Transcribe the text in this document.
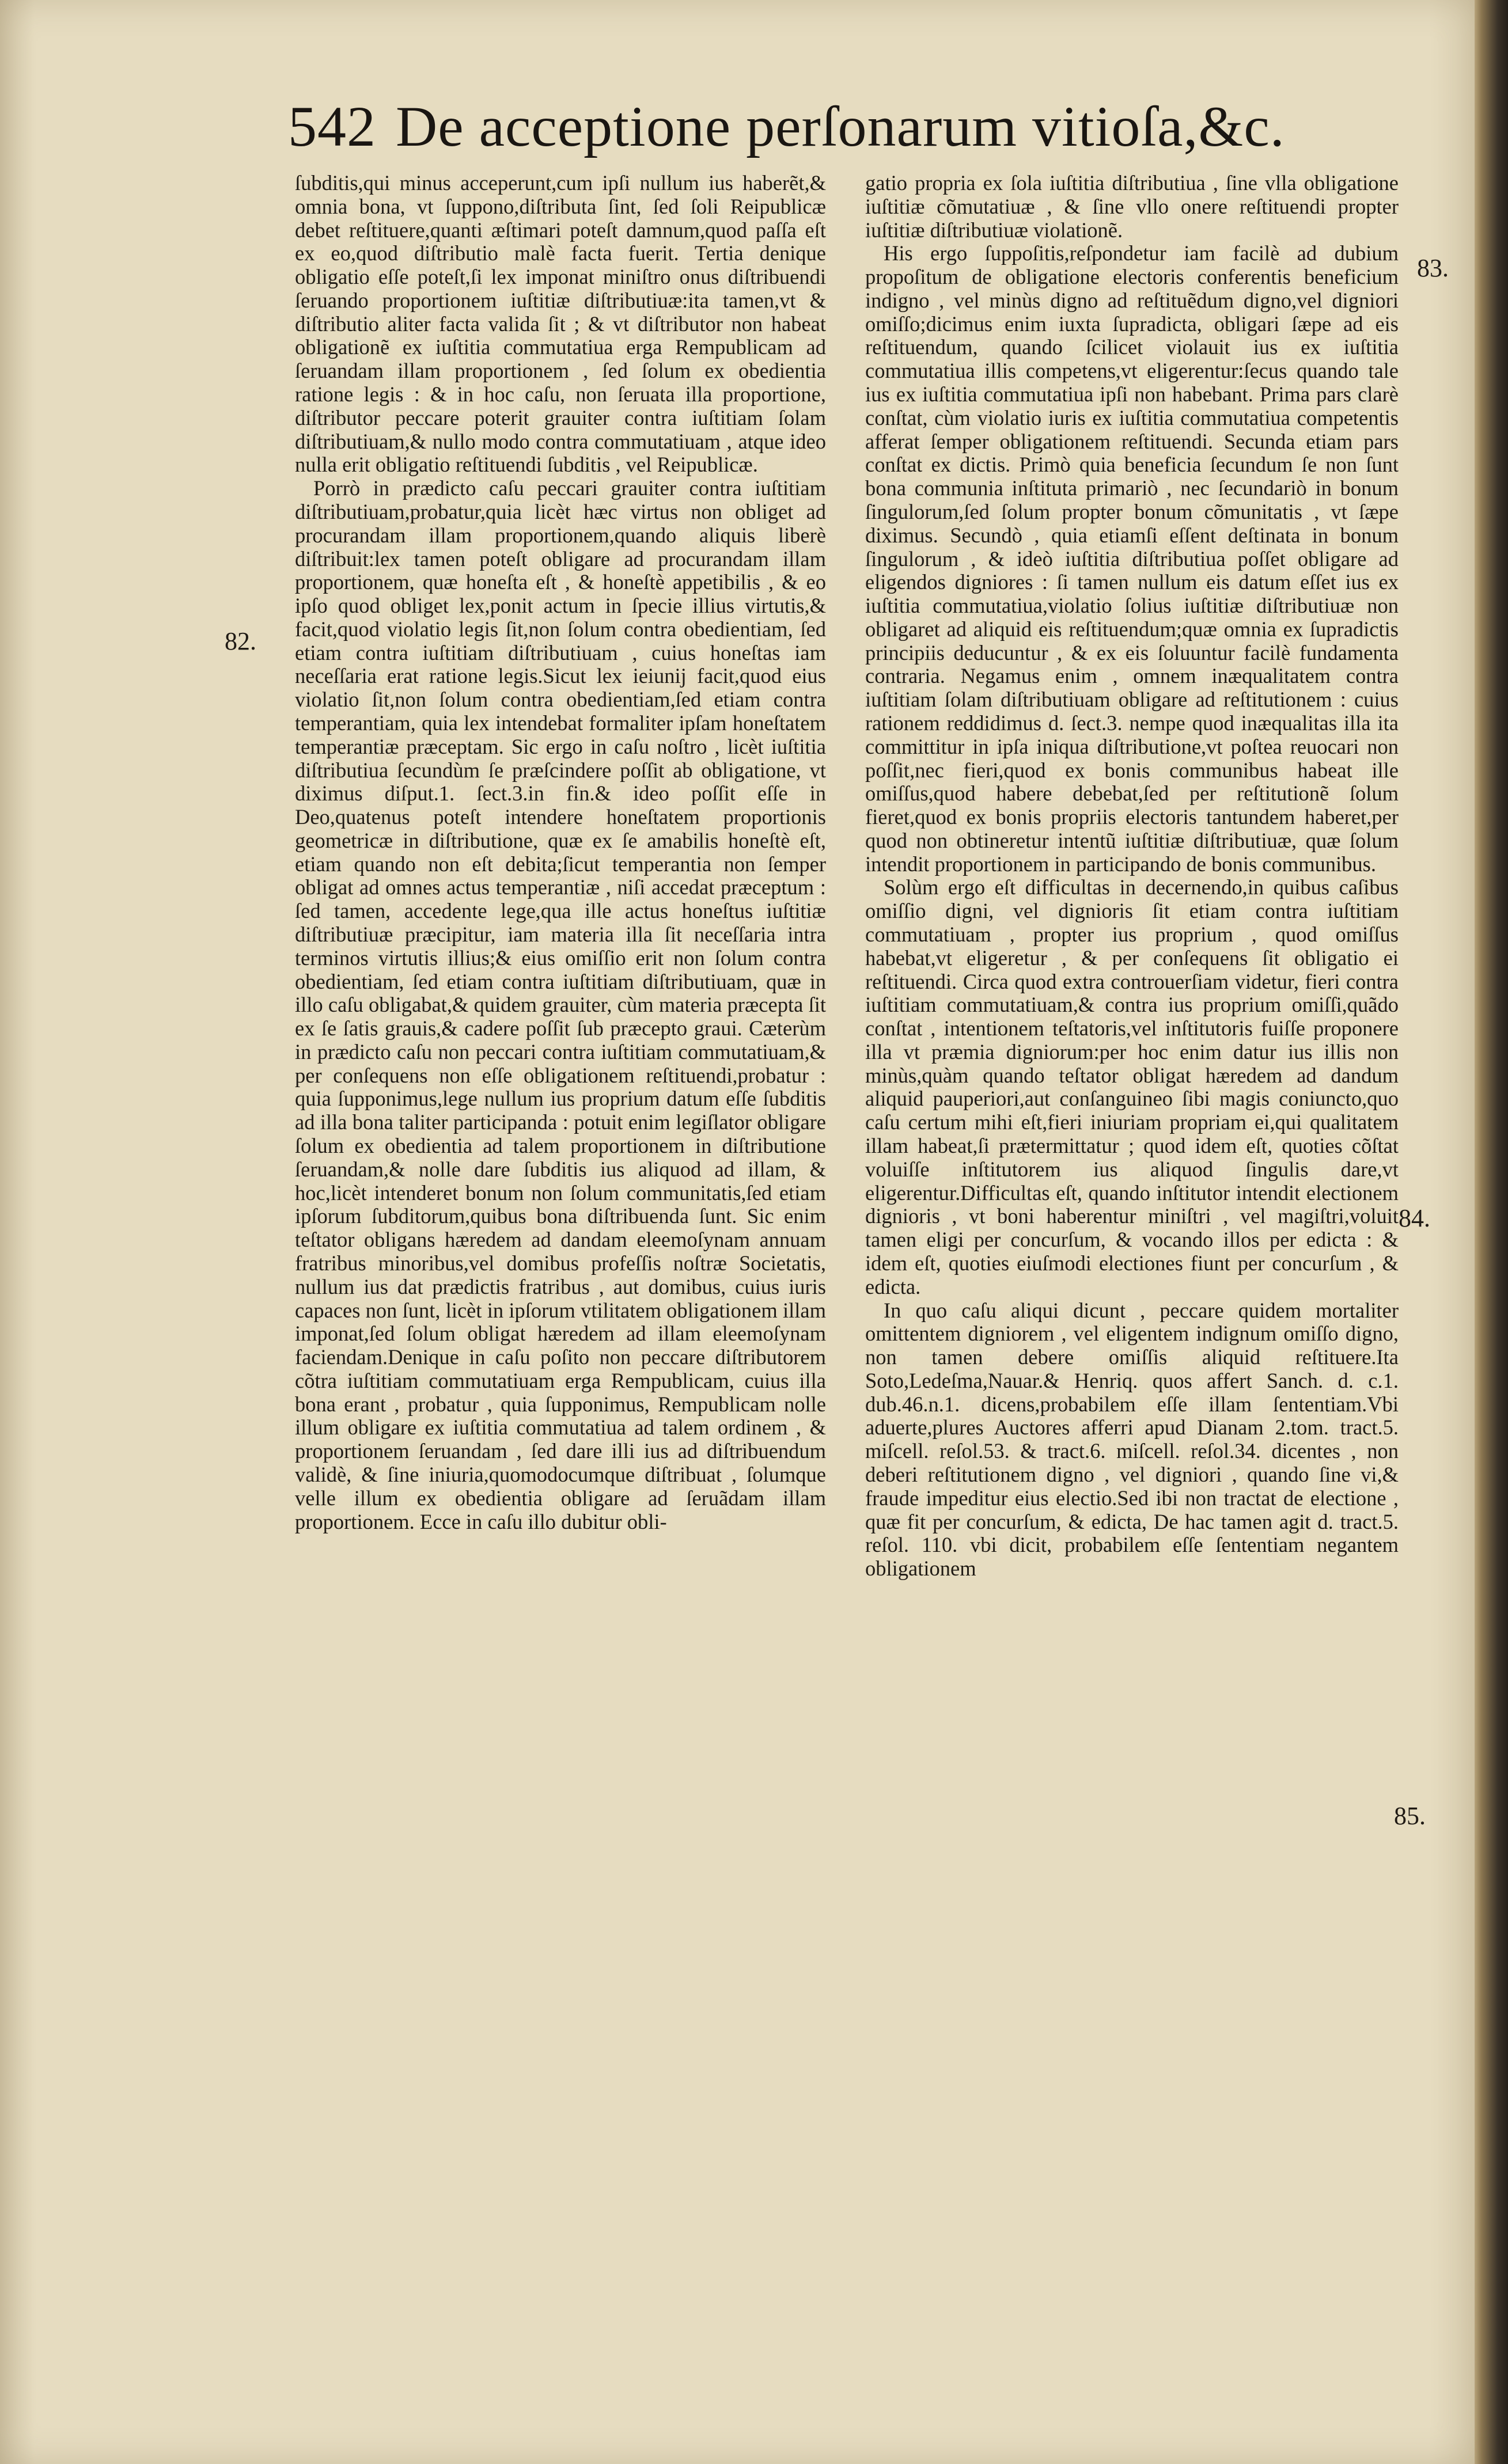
542 De acceptione perſonarum vitioſa,&c.

ſubditis,qui minus acceperunt,cum ipſi nullum ius haberẽt,& omnia bona, vt ſuppono,diſtributa ſint, ſed ſoli Reipublicæ debet reſtituere,quanti æſtimari poteſt damnum,quod paſſa eſt ex eo,quod diſtributio malè facta fuerit. Tertia denique obligatio eſſe poteſt,ſi lex imponat miniſtro onus diſtribuendi ſeruando proportionem iuſtitiæ diſtributiuæ:ita tamen,vt & diſtributio aliter facta valida ſit ; & vt diſtributor non habeat obligationẽ ex iuſtitia commutatiua erga Rempublicam ad ſeruandam illam proportionem , ſed ſolum ex obedientia ratione legis : & in hoc caſu, non ſeruata illa proportione, diſtributor peccare poterit grauiter contra iuſtitiam ſolam diſtributiuam,& nullo modo contra commutatiuam , atque ideo nulla erit obligatio reſtituendi ſubditis , vel Reipublicæ.

Porrò in prædicto caſu peccari grauiter contra iuſtitiam diſtributiuam,probatur,quia licèt hæc virtus non obliget ad procurandam illam proportionem,quando aliquis liberè diſtribuit:lex tamen poteſt obligare ad procurandam illam proportionem, quæ honeſta eſt , & honeſtè appetibilis , & eo ipſo quod obliget lex,ponit actum in ſpecie illius virtutis,& facit,quod violatio legis ſit,non ſolum contra obedientiam, ſed etiam contra iuſtitiam diſtributiuam , cuius honeſtas iam neceſſaria erat ratione legis.Sicut lex ieiunij facit,quod eius violatio ſit,non ſolum contra obedientiam,ſed etiam contra temperantiam, quia lex intendebat formaliter ipſam honeſtatem temperantiæ præceptam. Sic ergo in caſu noſtro , licèt iuſtitia diſtributiua ſecundùm ſe præſcindere poſſit ab obligatione, vt diximus diſput.1. ſect.3.in fin.& ideo poſſit eſſe in Deo,quatenus poteſt intendere honeſtatem proportionis geometricæ in diſtributione, quæ ex ſe amabilis honeſtè eſt, etiam quando non eſt debita;ſicut temperantia non ſemper obligat ad omnes actus temperantiæ , niſi accedat præceptum : ſed tamen, accedente lege,qua ille actus honeſtus iuſtitiæ diſtributiuæ præcipitur, iam materia illa ſit neceſſaria intra terminos virtutis illius;& eius omiſſio erit non ſolum contra obedientiam, ſed etiam contra iuſtitiam diſtributiuam, quæ in illo caſu obligabat,& quidem grauiter, cùm materia præcepta ſit ex ſe ſatis grauis,& cadere poſſit ſub præcepto graui. Cæterùm in prædicto caſu non peccari contra iuſtitiam commutatiuam,& per conſequens non eſſe obligationem reſtituendi,probatur : quia ſupponimus,lege nullum ius proprium datum eſſe ſubditis ad illa bona taliter participanda : potuit enim legiſlator obligare ſolum ex obedientia ad talem proportionem in diſtributione ſeruandam,& nolle dare ſubditis ius aliquod ad illam, & hoc,licèt intenderet bonum non ſolum communitatis,ſed etiam ipſorum ſubditorum,quibus bona diſtribuenda ſunt. Sic enim teſtator obligans hæredem ad dandam eleemoſynam annuam fratribus minoribus,vel domibus profeſſis noſtræ Societatis, nullum ius dat prædictis fratribus , aut domibus, cuius iuris capaces non ſunt, licèt in ipſorum vtilitatem obligationem illam imponat,ſed ſolum obligat hæredem ad illam eleemoſynam faciendam.Denique in caſu poſito non peccare diſtributorem cõtra iuſtitiam commutatiuam erga Rempublicam, cuius illa bona erant , probatur , quia ſupponimus, Rempublicam nolle illum obligare ex iuſtitia commutatiua ad talem ordinem , & proportionem ſeruandam , ſed dare illi ius ad diſtribuendum validè, & ſine iniuria,quomodocumque diſtribuat , ſolumque velle illum ex obedientia obligare ad ſeruãdam illam proportionem. Ecce in caſu illo dubitur obli-

gatio propria ex ſola iuſtitia diſtributiua , ſine vlla obligatione iuſtitiæ cõmutatiuæ , & ſine vllo onere reſtituendi propter iuſtitiæ diſtributiuæ violationẽ.

His ergo ſuppoſitis,reſpondetur iam facilè ad dubium propoſitum de obligatione electoris conferentis beneficium indigno , vel minùs digno ad reſtituẽdum digno,vel digniori omiſſo;dicimus enim iuxta ſupradicta, obligari ſæpe ad eis reſtituendum, quando ſcilicet violauit ius ex iuſtitia commutatiua illis competens,vt eligerentur:ſecus quando tale ius ex iuſtitia commutatiua ipſi non habebant. Prima pars clarè conſtat, cùm violatio iuris ex iuſtitia commutatiua competentis afferat ſemper obligationem reſtituendi. Secunda etiam pars conſtat ex dictis. Primò quia beneficia ſecundum ſe non ſunt bona communia inſtituta primariò , nec ſecundariò in bonum ſingulorum,ſed ſolum propter bonum cõmunitatis , vt ſæpe diximus. Secundò , quia etiamſi eſſent deſtinata in bonum ſingulorum , & ideò iuſtitia diſtributiua poſſet obligare ad eligendos digniores : ſi tamen nullum eis datum eſſet ius ex iuſtitia commutatiua,violatio ſolius iuſtitiæ diſtributiuæ non obligaret ad aliquid eis reſtituendum;quæ omnia ex ſupradictis principiis deducuntur , & ex eis ſoluuntur facilè fundamenta contraria. Negamus enim , omnem inæqualitatem contra iuſtitiam ſolam diſtributiuam obligare ad reſtitutionem : cuius rationem reddidimus d. ſect.3. nempe quod inæqualitas illa ita committitur in ipſa iniqua diſtributione,vt poſtea reuocari non poſſit,nec fieri,quod ex bonis communibus habeat ille omiſſus,quod habere debebat,ſed per reſtitutionẽ ſolum fieret,quod ex bonis propriis electoris tantundem haberet,per quod non obtineretur intentũ iuſtitiæ diſtributiuæ, quæ ſolum intendit proportionem in participando de bonis communibus.

Solùm ergo eſt difficultas in decernendo,in quibus caſibus omiſſio digni, vel dignioris ſit etiam contra iuſtitiam commutatiuam , propter ius proprium , quod omiſſus habebat,vt eligeretur , & per conſequens ſit obligatio ei reſtituendi. Circa quod extra controuerſiam videtur, fieri contra iuſtitiam commutatiuam,& contra ius proprium omiſſi,quãdo conſtat , intentionem teſtatoris,vel inſtitutoris fuiſſe proponere illa vt præmia digniorum:per hoc enim datur ius illis non minùs,quàm quando teſtator obligat hæredem ad dandum aliquid pauperiori,aut conſanguineo ſibi magis coniuncto,quo caſu certum mihi eſt,fieri iniuriam propriam ei,qui qualitatem illam habeat,ſi prætermittatur ; quod idem eſt, quoties cõſtat voluiſſe inſtitutorem ius aliquod ſingulis dare,vt eligerentur.Difficultas eſt, quando inſtitutor intendit electionem dignioris , vt boni haberentur miniſtri , vel magiſtri,voluit tamen eligi per concurſum, & vocando illos per edicta : & idem eſt, quoties eiuſmodi electiones fiunt per concurſum , & edicta.

In quo caſu aliqui dicunt , peccare quidem mortaliter omittentem digniorem , vel eligentem indignum omiſſo digno, non tamen debere omiſſis aliquid reſtituere.Ita Soto,Ledeſma,Nauar.& Henriq. quos affert Sanch. d. c.1. dub.46.n.1. dicens,probabilem eſſe illam ſententiam.Vbi aduerte,plures Auctores afferri apud Dianam 2.tom. tract.5. miſcell. reſol.53. & tract.6. miſcell. reſol.34. dicentes , non deberi reſtitutionem digno , vel digniori , quando ſine vi,& fraude impeditur eius electio.Sed ibi non tractat de electione , quæ fit per concurſum, & edicta, De hac tamen agit d. tract.5. reſol. 110. vbi dicit, probabilem eſſe ſententiam negantem obligationem

82.
83.
84.
85.
